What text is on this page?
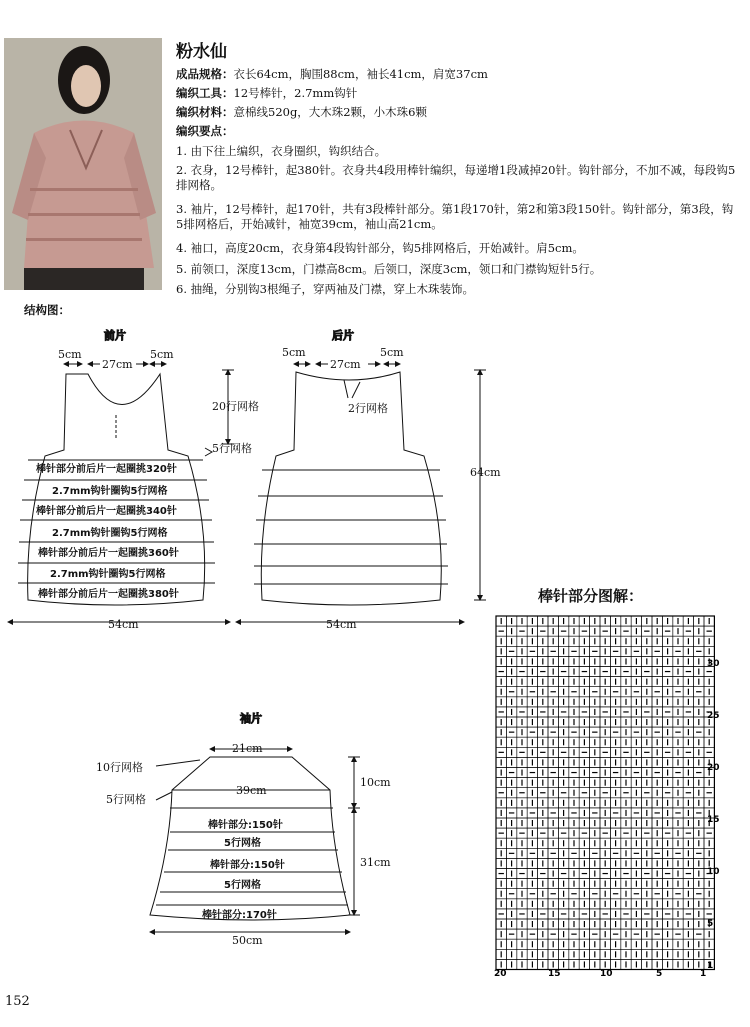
粉水仙
成品规格：衣长64cm，胸围88cm，袖长41cm，肩宽37cm
编织工具：12号棒针，2.7mm钩针
编织材料：意棉线520g，大木珠2颗，小木珠6颗
编织要点：
1. 由下往上编织，衣身圈织，钩织结合。
2. 衣身，12号棒针，起380针。衣身共4段用棒针编织，每递增1段减掉20针。钩针部分，不加不减，每段钩5排网格。
3. 袖片，12号棒针，起170针，共有3段棒针部分。第1段170针，第2和第3段150针。钩针部分，第3段，钩5排网格后，开始减针，袖宽39cm，袖山高21cm。
4. 袖口，高度20cm，衣身第4段钩针部分，钩5排网格后，开始减针。肩5cm。
5. 前领口，深度13cm，门襟高8cm。后领口，深度3cm，领口和门襟钩短针5行。
6. 抽绳，分别钩3根绳子，穿两袖及门襟，穿上木珠装饰。
结构图：
前片	后片
袖片
5cm
27cm
5cm
20行网格
5行网格
棒针部分前后片一起圈挑320针
2.7mm钩针圈钩5行网格
棒针部分前后片一起圈挑340针
2.7mm钩针圈钩5行网格
棒针部分前后片一起圈挑360针
2.7mm钩针圈钩5行网格
棒针部分前后片一起圈挑380针
54cm
5cm
27cm
5cm
2行网格
64cm
54cm
21cm
10行网格
5行网格
10cm
39cm
31cm
棒针部分:150针
5行网格
棒针部分:150针
5行网格
棒针部分:170针
50cm
棒针部分图解：
30
25
20
15
10
5
1
20	15	10	5	1
152
